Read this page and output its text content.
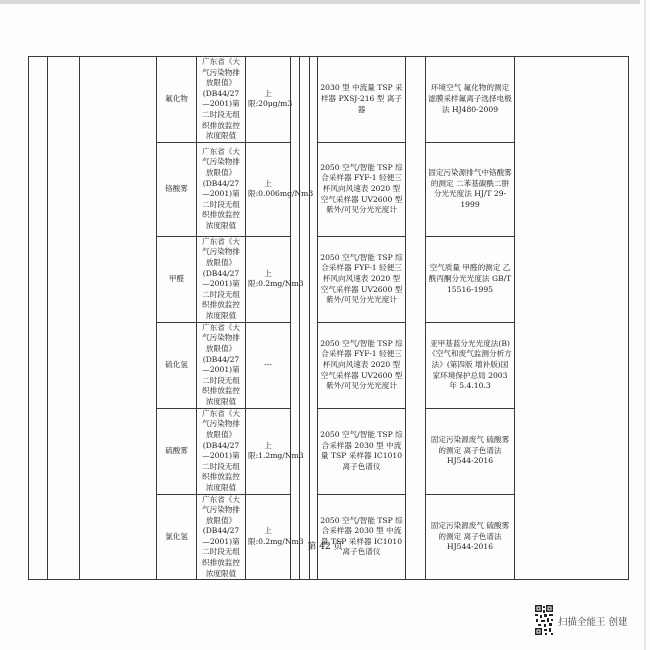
			氟化物	广东省《大气污染物排放限值》(DB44/27—2001)第二时段无组织排放监控浓度限值	上限:20μg/m3				2030 型 中流量 TSP 采样器 PXSJ-216 型 离子器		环境空气 氟化物的测定 滤膜采样氟离子选择电极法 HJ480-2009	
			铬酸雾	广东省《大气污染物排放限值》(DB44/27—2001)第二时段无组织排放监控浓度限值	上限:0.006mg/Nm3				2050 空气/智能 TSP 综合采样器 FYF-1 轻便三杯风向风速表 2020 型 空气采样器 UV2600 型 紫外/可见分光光度计		固定污染源排气中铬酸雾的测定 二苯基碳酰二肼分光光度法 HJ/T 29-1999	
			甲醛	广东省《大气污染物排放限值》(DB44/27—2001)第二时段无组织排放监控浓度限值	上限:0.2mg/Nm3				2050 空气/智能 TSP 综合采样器 FYF-1 轻便三杯风向风速表 2020 型 空气采样器 UV2600 型 紫外/可见分光光度计		空气质量 甲醛的测定 乙酰丙酮分光光度法 GB/T 15516-1995	
			硫化氢	广东省《大气污染物排放限值》(DB44/27—2001)第二时段无组织排放监控浓度限值	---				2050 空气/智能 TSP 综合采样器 FYF-1 轻便三杯风向风速表 2020 型 空气采样器 UV2600 型 紫外/可见分光光度计		亚甲基蓝分光光度法(B)《空气和废气监测分析方法》(第四版 增补版)国家环境保护总局 2003 年 5.4.10.3	
			硫酸雾	广东省《大气污染物排放限值》(DB44/27—2001)第二时段无组织排放监控浓度限值	上限:1.2mg/Nm3				2050 空气/智能 TSP 综合采样器 2030 型 中流量 TSP 采样器 IC1010 离子色谱仪		固定污染源废气 硫酸雾的测定 离子色谱法 HJ544-2016	
			氯化氢	广东省《大气污染物排放限值》(DB44/27—2001)第二时段无组织排放监控浓度限值	上限:0.2mg/Nm3				2050 空气/智能 TSP 综合采样器 2030 型 中流量 TSP 采样器 IC1010 离子色谱仪		固定污染源废气 硫酸雾的测定 离子色谱法 HJ544-2016	
第 42 页
扫描全能王 创建
